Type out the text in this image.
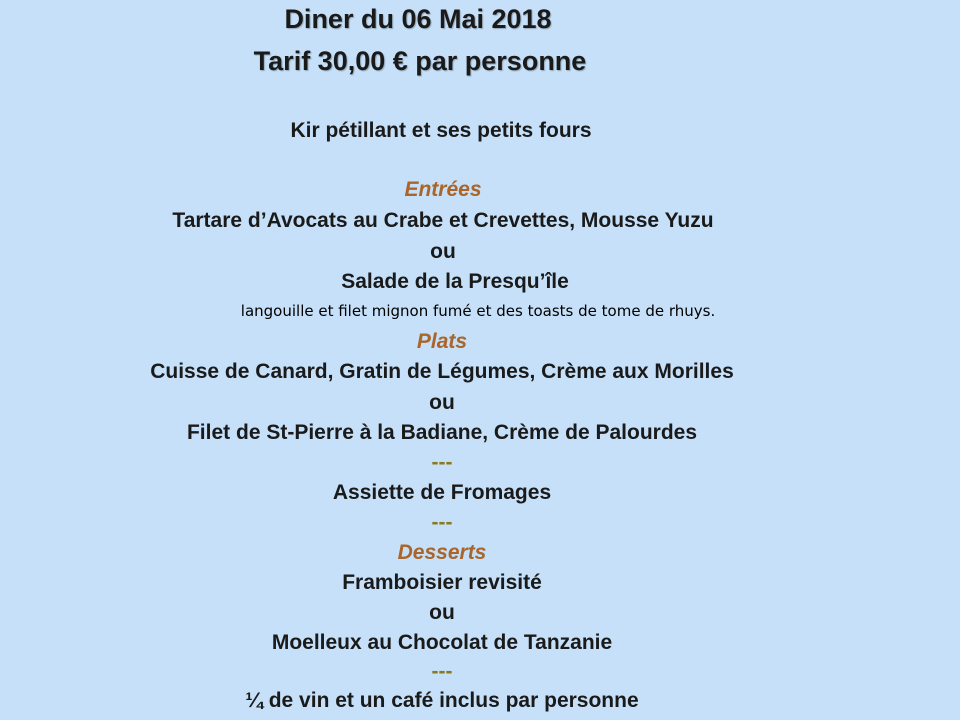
Diner du 06 Mai 2018
Tarif 30,00 € par personne
Kir pétillant et ses petits fours
Entrées
Tartare d’Avocats au Crabe et Crevettes, Mousse Yuzu
ou
Salade de la Presqu’île
langouille et filet mignon fumé et des toasts de tome de rhuys.
Plats
Cuisse de Canard, Gratin de Légumes, Crème aux Morilles
ou
Filet de St-Pierre à la Badiane, Crème de Palourdes
---
Assiette de Fromages
---
Desserts
Framboisier revisité
ou
Moelleux au Chocolat de Tanzanie
---
¼ de vin et un café inclus par personne
